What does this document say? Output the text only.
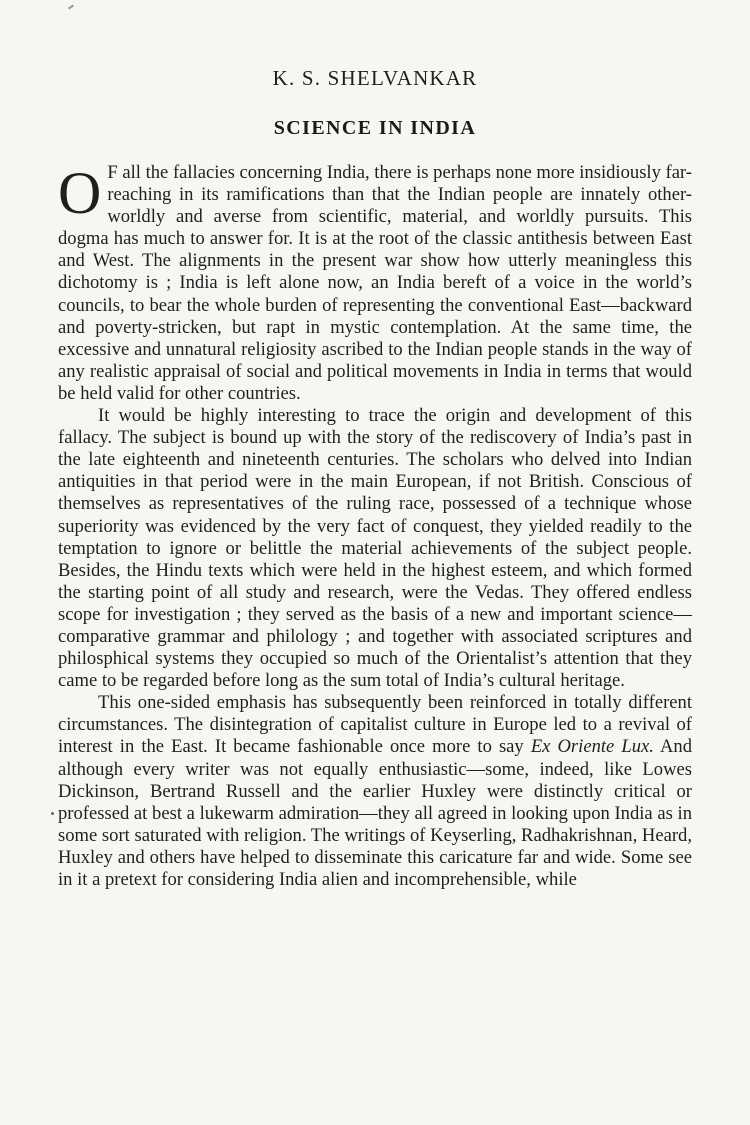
K. S. SHELVANKAR
SCIENCE IN INDIA

O F all the fallacies concerning India, there is perhaps none more insidiously far-reaching in its ramifications than that the Indian people are innately other-worldly and averse from scientific, material, and worldly pursuits. This dogma has much to answer for. It is at the root of the classic antithesis between East and West. The alignments in the present war show how utterly meaningless this dichotomy is ; India is left alone now, an India bereft of a voice in the world’s councils, to bear the whole burden of representing the conventional East—backward and poverty-stricken, but rapt in mystic contemplation. At the same time, the excessive and unnatural religiosity ascribed to the Indian people stands in the way of any realistic appraisal of social and political movements in India in terms that would be held valid for other countries.

It would be highly interesting to trace the origin and development of this fallacy. The subject is bound up with the story of the rediscovery of India’s past in the late eighteenth and nineteenth centuries. The scholars who delved into Indian antiquities in that period were in the main European, if not British. Conscious of themselves as representatives of the ruling race, possessed of a technique whose superiority was evidenced by the very fact of conquest, they yielded readily to the temptation to ignore or belittle the material achievements of the subject people. Besides, the Hindu texts which were held in the highest esteem, and which formed the starting point of all study and research, were the Vedas. They offered endless scope for investigation ; they served as the basis of a new and important science—comparative grammar and philology ; and together with associated scriptures and philosphical systems they occupied so much of the Orientalist’s attention that they came to be regarded before long as the sum total of India’s cultural heritage.

This one-sided emphasis has subsequently been reinforced in totally different circumstances. The disintegration of capitalist culture in Europe led to a revival of interest in the East. It became fashionable once more to say Ex Oriente Lux. And although every writer was not equally enthusiastic—some, indeed, like Lowes Dickinson, Bertrand Russell and the earlier Huxley were distinctly critical or professed at best a lukewarm admiration—they all agreed in looking upon India as in some sort saturated with religion. The writings of Keyserling, Radhakrishnan, Heard, Huxley and others have helped to disseminate this caricature far and wide. Some see in it a pretext for considering India alien and incomprehensible, while
